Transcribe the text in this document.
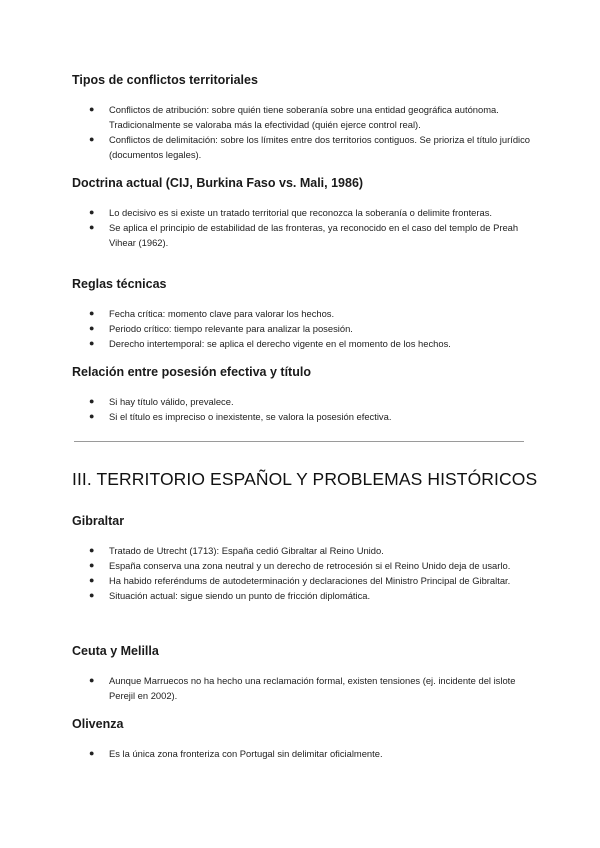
Tipos de conflictos territoriales
● Conflictos de atribución: sobre quién tiene soberanía sobre una entidad geográfica autónoma. Tradicionalmente se valoraba más la efectividad (quién ejerce control real).
● Conflictos de delimitación: sobre los límites entre dos territorios contiguos. Se prioriza el título jurídico (documentos legales).
Doctrina actual (CIJ, Burkina Faso vs. Mali, 1986)
● Lo decisivo es si existe un tratado territorial que reconozca la soberanía o delimite fronteras.
● Se aplica el principio de estabilidad de las fronteras, ya reconocido en el caso del templo de Preah Vihear (1962).
Reglas técnicas
● Fecha crítica: momento clave para valorar los hechos.
● Periodo crítico: tiempo relevante para analizar la posesión.
● Derecho intertemporal: se aplica el derecho vigente en el momento de los hechos.
Relación entre posesión efectiva y título
● Si hay título válido, prevalece.
● Si el título es impreciso o inexistente, se valora la posesión efectiva.
III. TERRITORIO ESPAÑOL Y PROBLEMAS HISTÓRICOS
Gibraltar
● Tratado de Utrecht (1713): España cedió Gibraltar al Reino Unido.
● España conserva una zona neutral y un derecho de retrocesión si el Reino Unido deja de usarlo.
● Ha habido referéndums de autodeterminación y declaraciones del Ministro Principal de Gibraltar.
● Situación actual: sigue siendo un punto de fricción diplomática.
Ceuta y Melilla
● Aunque Marruecos no ha hecho una reclamación formal, existen tensiones (ej. incidente del islote Perejil en 2002).
Olivenza
● Es la única zona fronteriza con Portugal sin delimitar oficialmente.
